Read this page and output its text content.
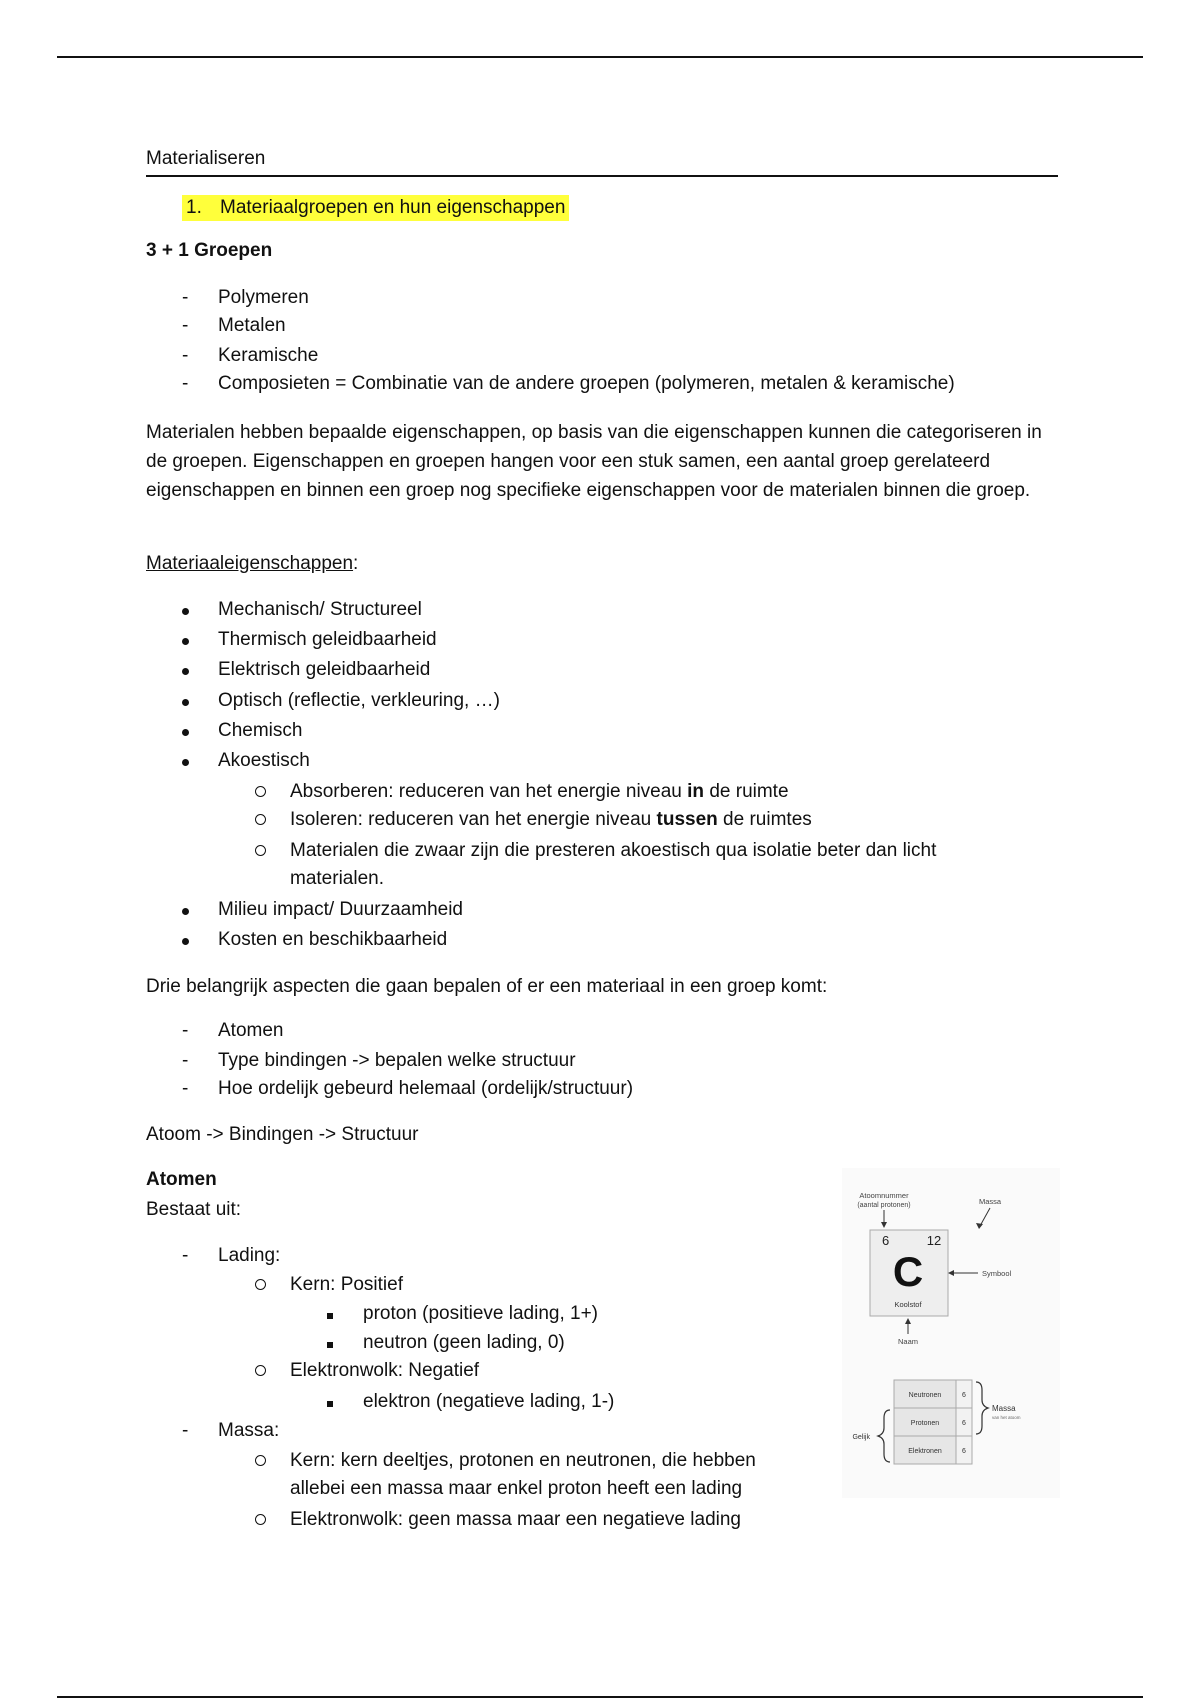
Materialiseren
1. Materiaalgroepen en hun eigenschappen
3 + 1 Groepen
- Polymeren
- Metalen
- Keramische
- Composieten = Combinatie van de andere groepen (polymeren, metalen & keramische)
Materialen hebben bepaalde eigenschappen, op basis van die eigenschappen kunnen die categoriseren in de groepen. Eigenschappen en groepen hangen voor een stuk samen, een aantal groep gerelateerd eigenschappen en binnen een groep nog specifieke eigenschappen voor de materialen binnen die groep.
Materiaaleigenschappen:
Mechanisch/ Structureel
Thermisch geleidbaarheid
Elektrisch geleidbaarheid
Optisch (reflectie, verkleuring, …)
Chemisch
Akoestisch
Absorberen: reduceren van het energie niveau in de ruimte
Isoleren: reduceren van het energie niveau tussen de ruimtes
Materialen die zwaar zijn die presteren akoestisch qua isolatie beter dan licht
materialen.
Milieu impact/ Duurzaamheid
Kosten en beschikbaarheid
Drie belangrijk aspecten die gaan bepalen of er een materiaal in een groep komt:
- Atomen
- Type bindingen -> bepalen welke structuur
- Hoe ordelijk gebeurd helemaal (ordelijk/structuur)
Atoom -> Bindingen -> Structuur
Atomen
Bestaat uit:
- Lading:
Kern: Positief
proton (positieve lading, 1+)
neutron (geen lading, 0)
Elektronwolk: Negatief
elektron (negatieve lading, 1-)
- Massa:
Kern: kern deeltjes, protonen en neutronen, die hebben
allebei een massa maar enkel proton heeft een lading
Elektronwolk: geen massa maar een negatieve lading
Atoomnummer
(aantal protonen)	Massa
6	12
C
Koolstof
Symbool
Naam
Neutronen	6
Protonen	6
Elektronen	6
Massa
van het atoom
Gelijk
